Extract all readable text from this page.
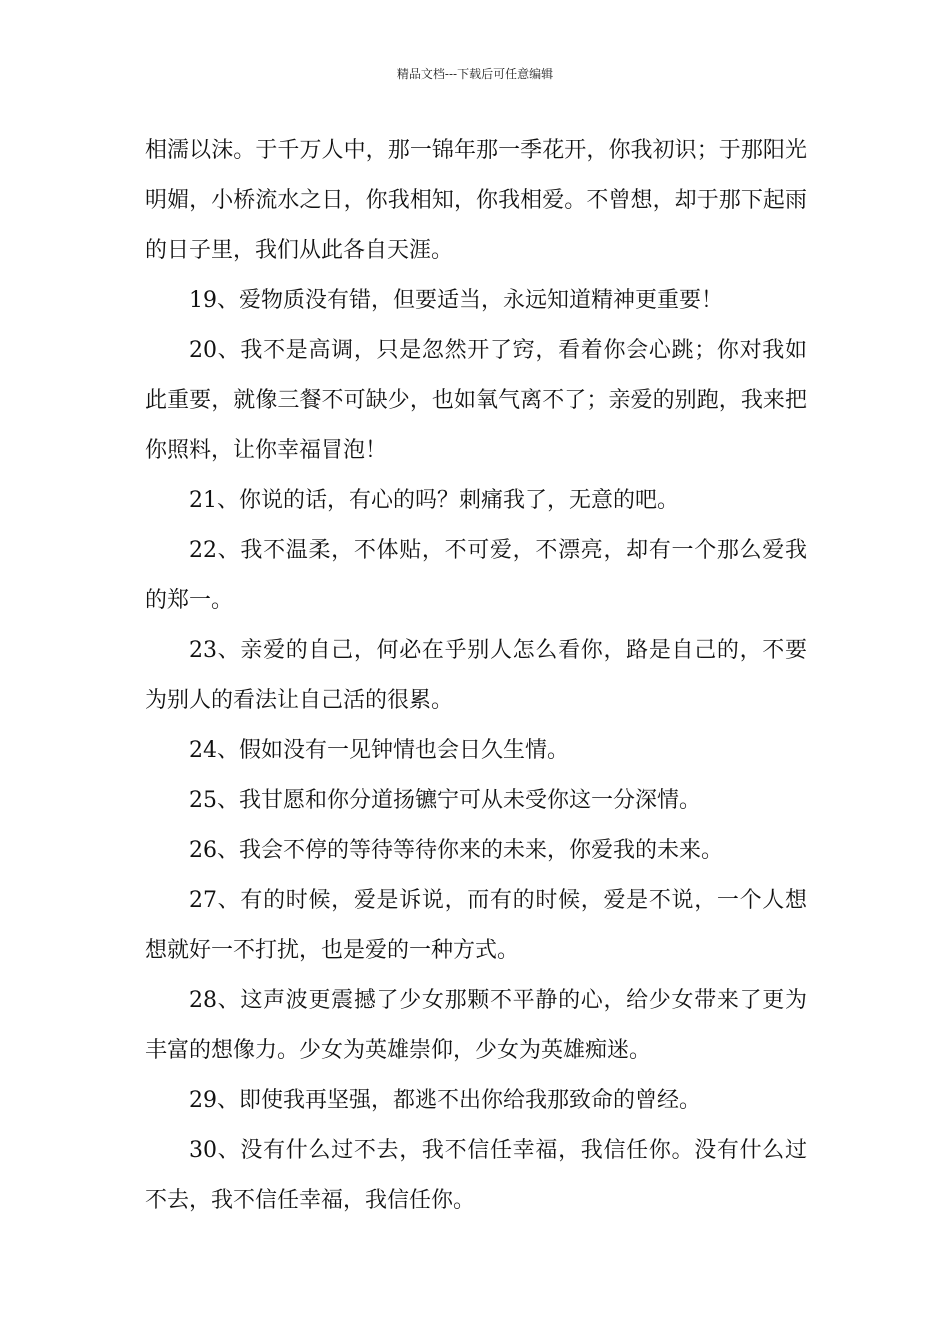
精品文档---下载后可任意编辑

相濡以沫。于千万人中，那一锦年那一季花开，你我初识；于那阳光明媚，小桥流水之日，你我相知，你我相爱。不曾想，却于那下起雨的日子里，我们从此各自天涯。

19、爱物质没有错，但要适当，永远知道精神更重要！

20、我不是高调，只是忽然开了窍，看着你会心跳；你对我如此重要，就像三餐不可缺少，也如氧气离不了；亲爱的别跑，我来把你照料，让你幸福冒泡！

21、你说的话，有心的吗？刺痛我了，无意的吧。

22、我不温柔，不体贴，不可爱，不漂亮，却有一个那么爱我的郑一。

23、亲爱的自己，何必在乎别人怎么看你，路是自己的，不要为别人的看法让自己活的很累。

24、假如没有一见钟情也会日久生情。

25、我甘愿和你分道扬镳宁可从未受你这一分深情。

26、我会不停的等待等待你来的未来，你爱我的未来。

27、有的时候，爱是诉说，而有的时候，爱是不说，一个人想想就好一不打扰，也是爱的一种方式。

28、这声波更震撼了少女那颗不平静的心，给少女带来了更为丰富的想像力。少女为英雄崇仰，少女为英雄痴迷。

29、即使我再坚强，都逃不出你给我那致命的曾经。

30、没有什么过不去，我不信任幸福，我信任你。没有什么过不去，我不信任幸福，我信任你。
